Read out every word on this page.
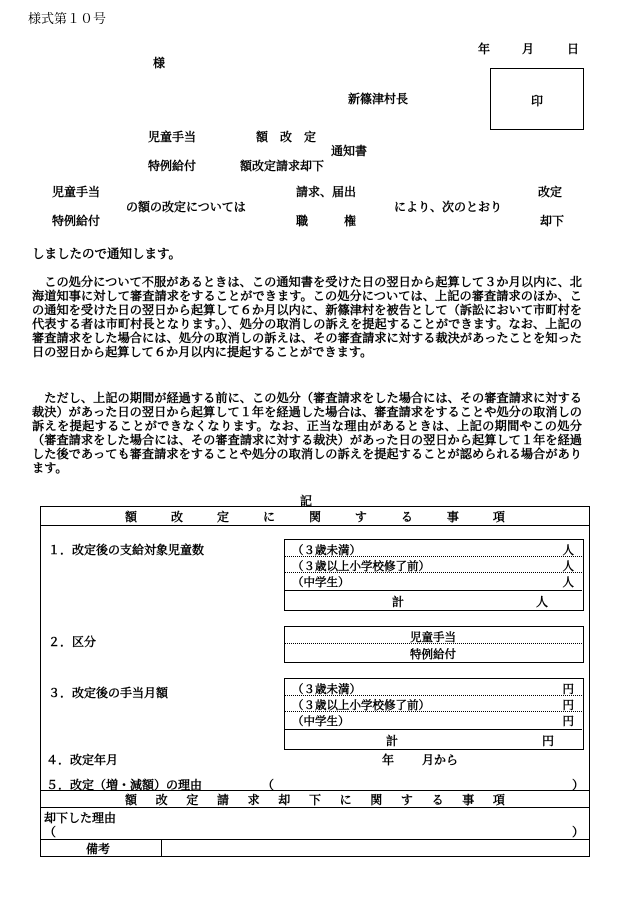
様式第１０号
年	月	日
様
新篠津村長	印
児童手当	額　改　定
通知書
特例給付	額改定請求却下
児童手当	請求、届出	改定
の額の改定については	により、次のとおり
特例給付	職　　　権	却下
しましたので通知します。
　この処分について不服があるときは、この通知書を受けた日の翌日から起算して３か月以内に、北海道知事に対して審査請求をすることができます。この処分については、上記の審査請求のほか、この通知を受けた日の翌日から起算して６か月以内に、新篠津村を被告として（訴訟において市町村を代表する者は市町村長となります。）、処分の取消しの訴えを提起することができます。なお、上記の審査請求をした場合には、処分の取消しの訴えは、その審査請求に対する裁決があったことを知った日の翌日から起算して６か月以内に提起することができます。
　ただし、上記の期間が経過する前に、この処分（審査請求をした場合には、その審査請求に対する裁決）があった日の翌日から起算して１年を経過した場合は、審査請求をすることや処分の取消しの訴えを提起することができなくなります。なお、正当な理由があるときは、上記の期間やこの処分（審査請求をした場合には、その審査請求に対する裁決）があった日の翌日から起算して１年を経過した後であっても審査請求をすることや処分の取消しの訴えを提起することが認められる場合があります。
記
額	改	定	に	関	す	る	事	項
額 改 定 請 求 却 下 に 関 す る 事 項
１．改定後の支給対象児童数	（３歳未満）	人
（３歳以上小学校修了前）	人
（中学生）	人
計	人
２．区分	児童手当
特例給付
３．改定後の手当月額	（３歳未満）	円
（３歳以上小学校修了前）	円
（中学生）	円
計	円
４．改定年月	年 月から
５．改定（増・減額）の理由	（	）
却下した理由
（	）
備考
